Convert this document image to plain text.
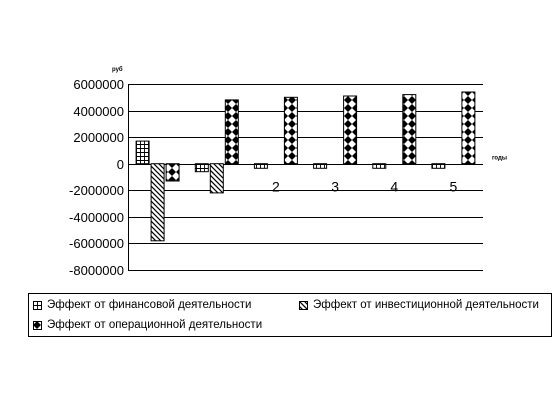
-8000000
-6000000
-4000000
-2000000
0
2000000
4000000
6000000
2	3	4	5
руб
годы
Эффект от финансовой деятельности	Эффект от инвестиционной деятельности
Эффект от операционной деятельности
